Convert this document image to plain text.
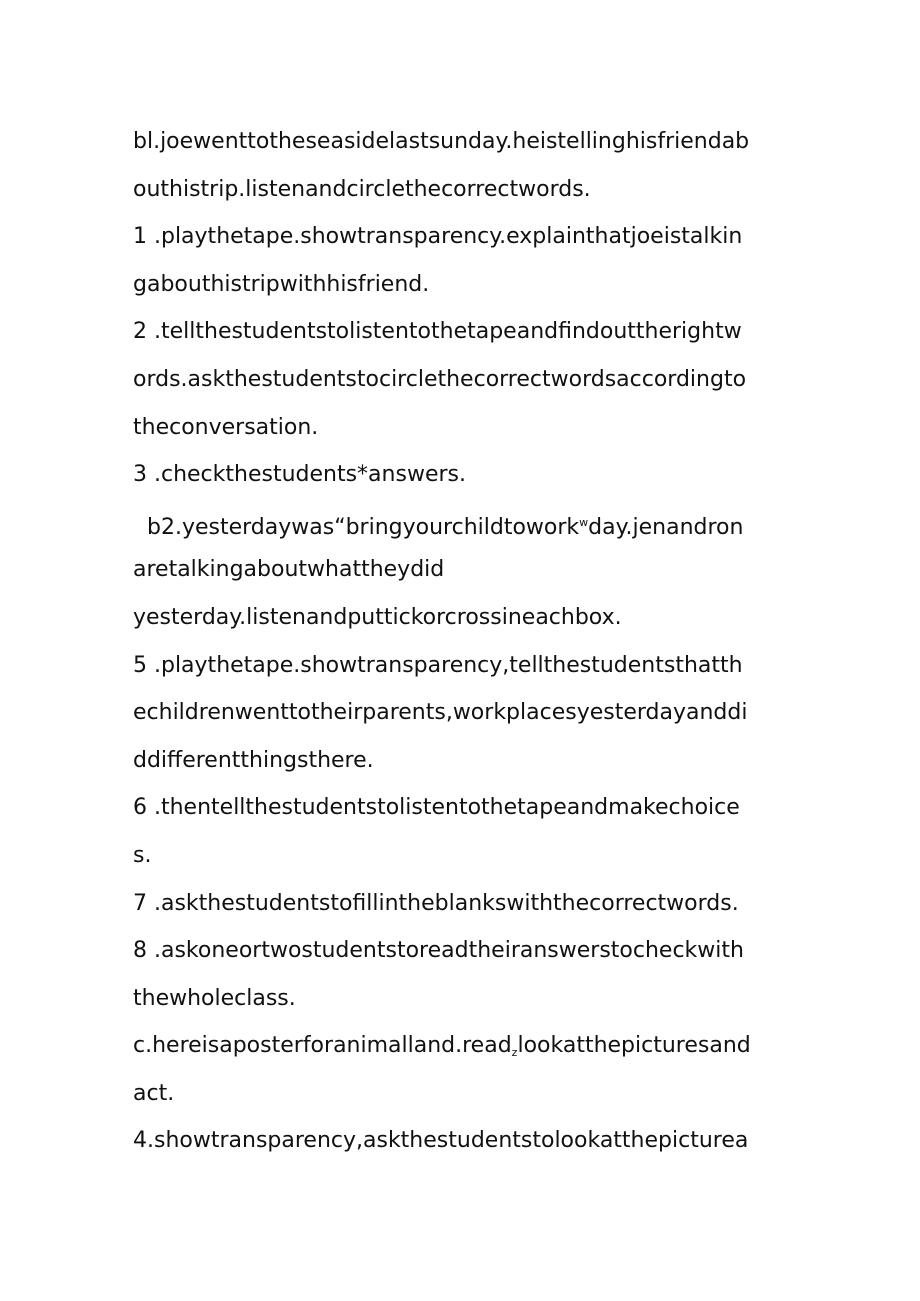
bl.joewenttotheseasidelastsunday.heistellinghisfriendab
outhistrip.listenandcirclethecorrectwords.
1 .playthetape.showtransparency.explainthatjoeistalkin
gabouthistripwithhisfriend.
2 .tellthestudentstolistentothetapeandfindouttherightw
ords.askthestudentstocirclethecorrectwordsaccordingto
theconversation.
3 .checkthestudents*answers.
b2.yesterdaywas“bringyourchildtowork$^w$day.jenandron
aretalkingaboutwhattheydid
yesterday.listenandputtickorcrossineachbox.
5 .playthetape.showtransparency,tellthestudentsthatth
echildrenwenttotheirparents,workplacesyesterdayanddi
ddifferentthingsthere.
6 .thentellthestudentstolistentothetapeandmakechoice
s.
7 .askthestudentstofillintheblankswiththecorrectwords.
8 .askoneortwostudentstoreadtheiranswerstocheckwith
thewholeclass.
c.hereisaposterforanimalland.read$_z$lookatthepicturesand
act.
4.showtransparency,askthestudentstolookatthepicturea
